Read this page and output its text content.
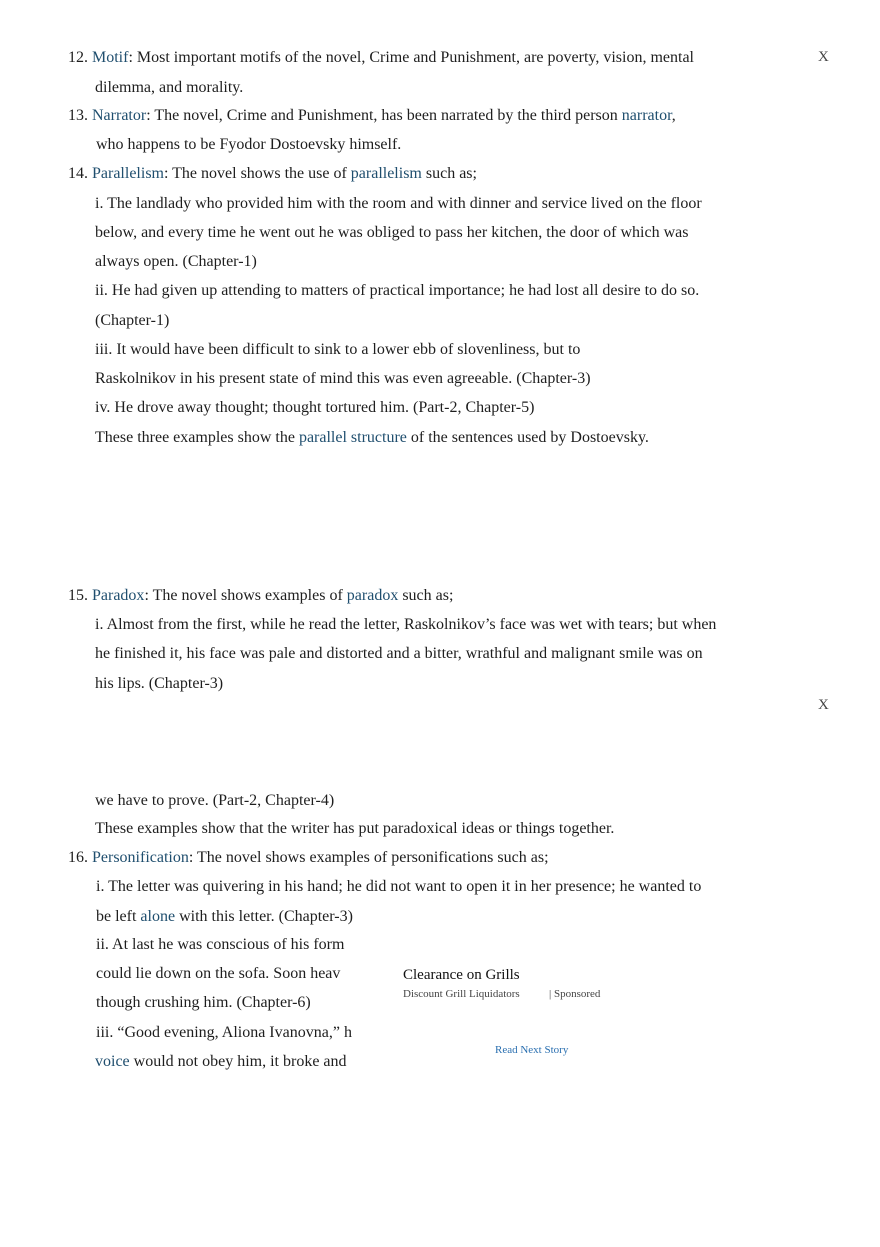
12. Motif: Most important motifs of the novel, Crime and Punishment, are poverty, vision, mental
dilemma, and morality.
X
13. Narrator: The novel, Crime and Punishment, has been narrated by the third person narrator,
who happens to be Fyodor Dostoevsky himself.
14. Parallelism: The novel shows the use of parallelism such as;
i. The landlady who provided him with the room and with dinner and service lived on the floor
below, and every time he went out he was obliged to pass her kitchen, the door of which was
always open. (Chapter-1)
ii. He had given up attending to matters of practical importance; he had lost all desire to do so.
(Chapter-1)
iii. It would have been difficult to sink to a lower ebb of slovenliness, but to
Raskolnikov in his present state of mind this was even agreeable. (Chapter-3)
iv. He drove away thought; thought tortured him. (Part-2, Chapter-5)
These three examples show the parallel structure of the sentences used by Dostoevsky.
15. Paradox: The novel shows examples of paradox such as;
i. Almost from the first, while he read the letter, Raskolnikov’s face was wet with tears; but when
he finished it, his face was pale and distorted and a bitter, wrathful and malignant smile was on
his lips. (Chapter-3)
X
we have to prove. (Part-2, Chapter-4)
These examples show that the writer has put paradoxical ideas or things together.
16. Personification: The novel shows examples of personifications such as;
i. The letter was quivering in his hand; he did not want to open it in her presence; he wanted to
be left alone with this letter. (Chapter-3)
ii. At last he was conscious of his form
could lie down on the sofa. Soon heav
though crushing him. (Chapter-6)
iii. “Good evening, Aliona Ivanovna,” h
voice would not obey him, it broke and
Clearance on Grills
Discount Grill Liquidators	| Sponsored
Read Next Story
